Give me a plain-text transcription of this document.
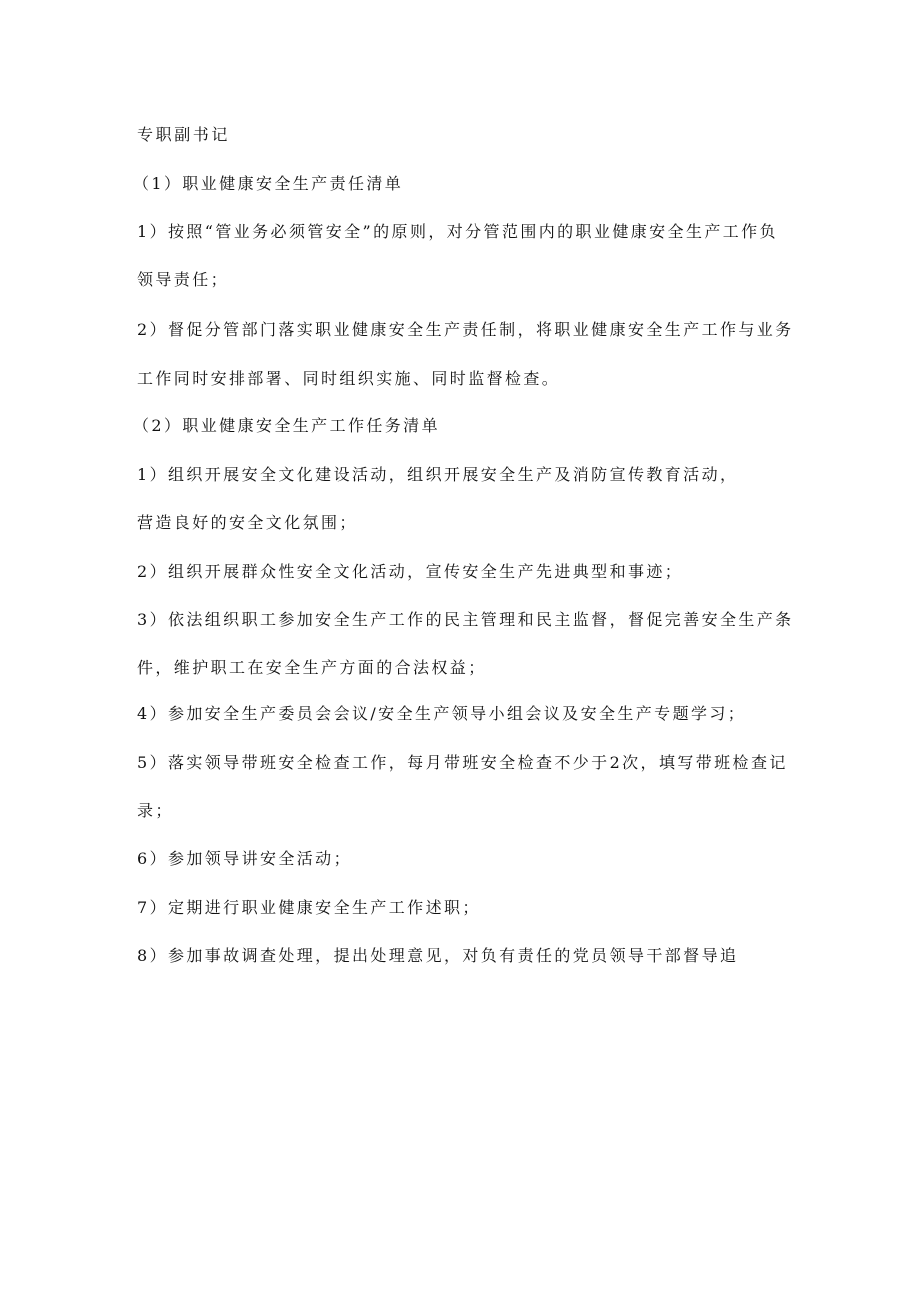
专职副书记
（1）职业健康安全生产责任清单
1）按照“管业务必须管安全”的原则，对分管范围内的职业健康安全生产工作负
领导责任；
2）督促分管部门落实职业健康安全生产责任制，将职业健康安全生产工作与业务
工作同时安排部署、同时组织实施、同时监督检查。
（2）职业健康安全生产工作任务清单
1）组织开展安全文化建设活动，组织开展安全生产及消防宣传教育活动，
营造良好的安全文化氛围；
2）组织开展群众性安全文化活动，宣传安全生产先进典型和事迹；
3）依法组织职工参加安全生产工作的民主管理和民主监督，督促完善安全生产条
件，维护职工在安全生产方面的合法权益；
4）参加安全生产委员会会议/安全生产领导小组会议及安全生产专题学习；
5）落实领导带班安全检查工作，每月带班安全检查不少于2次，填写带班检查记
录；
6）参加领导讲安全活动；
7）定期进行职业健康安全生产工作述职；
8）参加事故调查处理，提出处理意见，对负有责任的党员领导干部督导追
